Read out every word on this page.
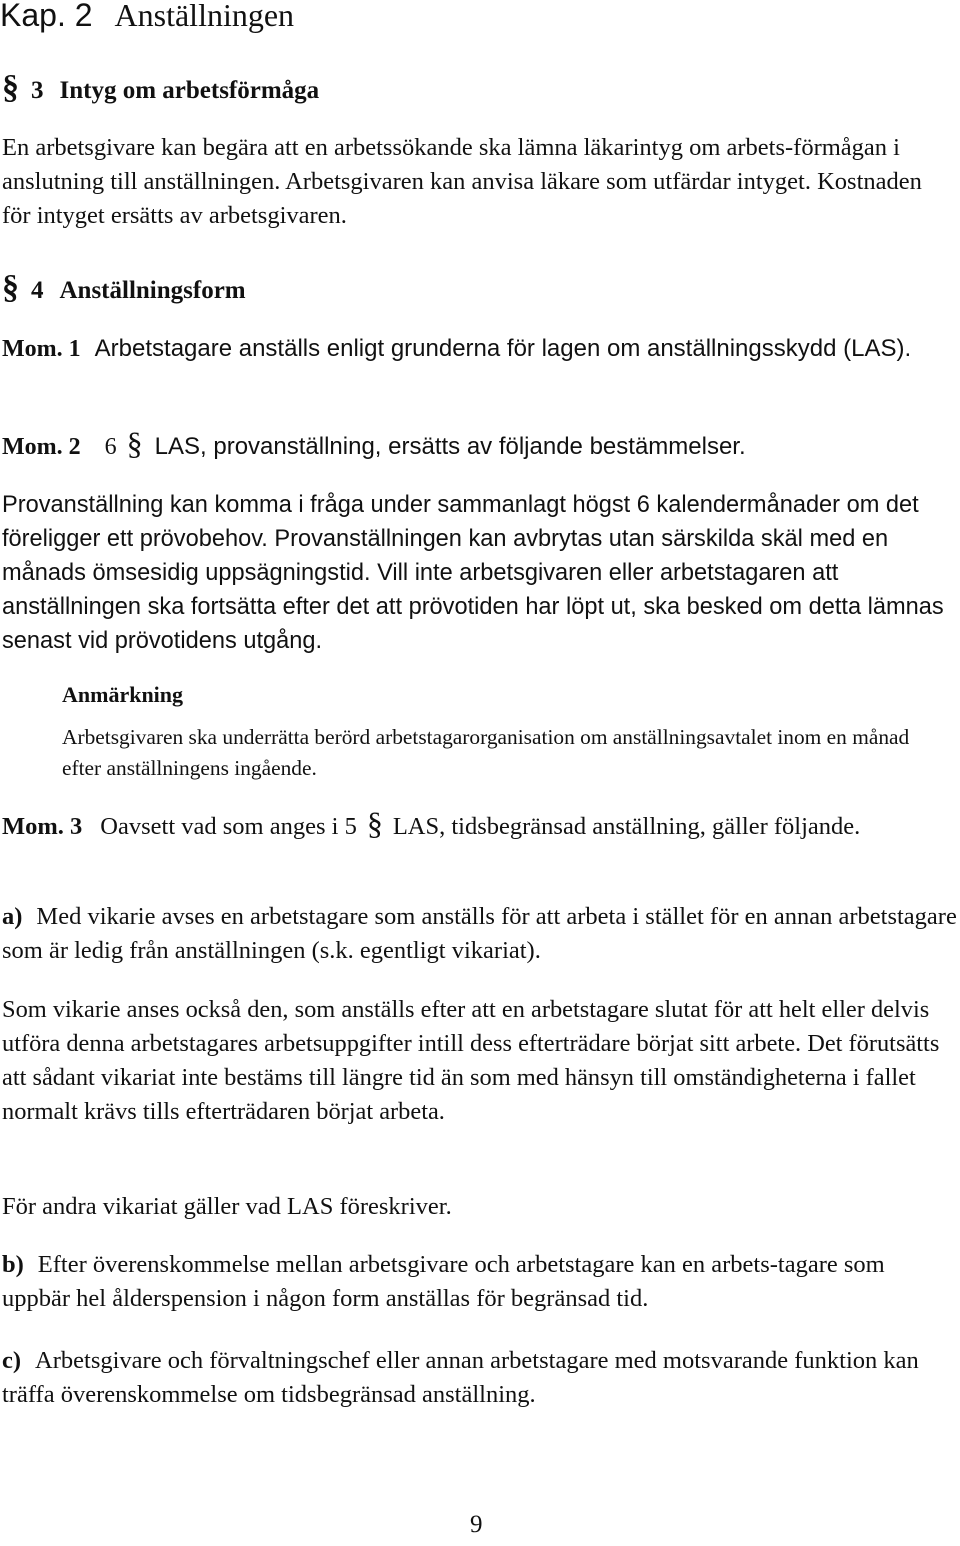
Kap. 2 Anställningen
§ 3 Intyg om arbetsförmåga

En arbetsgivare kan begära att en arbetssökande ska lämna läkarintyg om arbets-förmågan i anslutning till anställningen. Arbetsgivaren kan anvisa läkare som utfärdar intyget. Kostnaden för intyget ersätts av arbetsgivaren.

§ 4 Anställningsform

Mom. 1 Arbetstagare anställs enligt grunderna för lagen om anställningsskydd (LAS).

Mom. 2 6 § LAS, provanställning, ersätts av följande bestämmelser.

Provanställning kan komma i fråga under sammanlagt högst 6 kalendermånader om det föreligger ett prövobehov. Provanställningen kan avbrytas utan särskilda skäl med en månads ömsesidig uppsägningstid. Vill inte arbetsgivaren eller arbetstagaren att anställningen ska fortsätta efter det att prövotiden har löpt ut, ska besked om detta lämnas senast vid prövotidens utgång.

Anmärkning

Arbetsgivaren ska underrätta berörd arbetstagarorganisation om anställningsavtalet inom en månad efter anställningens ingående.

Mom. 3 Oavsett vad som anges i 5 § LAS, tidsbegränsad anställning, gäller följande.

a) Med vikarie avses en arbetstagare som anställs för att arbeta i stället för en annan arbetstagare som är ledig från anställningen (s.k. egentligt vikariat).

Som vikarie anses också den, som anställs efter att en arbetstagare slutat för att helt eller delvis utföra denna arbetstagares arbetsuppgifter intill dess efterträdare börjat sitt arbete. Det förutsätts att sådant vikariat inte bestäms till längre tid än som med hänsyn till omständigheterna i fallet normalt krävs tills efterträdaren börjat arbeta.

För andra vikariat gäller vad LAS föreskriver.

b) Efter överenskommelse mellan arbetsgivare och arbetstagare kan en arbets-tagare som uppbär hel ålderspension i någon form anställas för begränsad tid.

c) Arbetsgivare och förvaltningschef eller annan arbetstagare med motsvarande funktion kan träffa överenskommelse om tidsbegränsad anställning.

9
